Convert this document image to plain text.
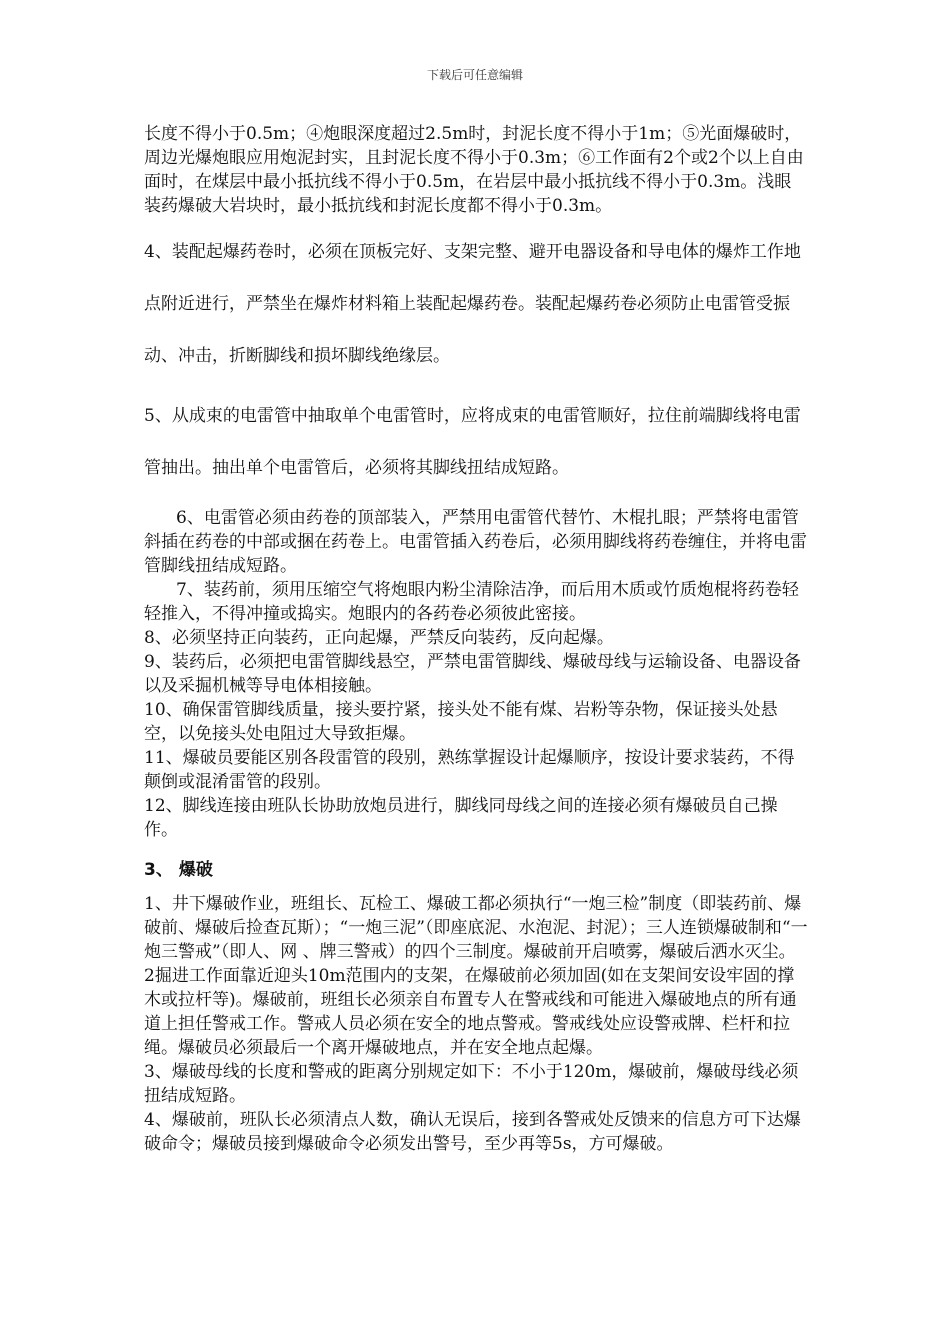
下载后可任意编辑

长度不得小于0.5m；④炮眼深度超过2.5m时，封泥长度不得小于1m；⑤光面爆破时，周边光爆炮眼应用炮泥封实，且封泥长度不得小于0.3m；⑥工作面有2个或2个以上自由面时，在煤层中最小抵抗线不得小于0.5m，在岩层中最小抵抗线不得小于0.3m。浅眼装药爆破大岩块时，最小抵抗线和封泥长度都不得小于0.3m。

4、装配起爆药卷时，必须在顶板完好、支架完整、避开电器设备和导电体的爆炸工作地点附近进行，严禁坐在爆炸材料箱上装配起爆药卷。装配起爆药卷必须防止电雷管受振动、冲击，折断脚线和损坏脚线绝缘层。

5、从成束的电雷管中抽取单个电雷管时，应将成束的电雷管顺好，拉住前端脚线将电雷管抽出。抽出单个电雷管后，必须将其脚线扭结成短路。

6、电雷管必须由药卷的顶部装入，严禁用电雷管代替竹、木棍扎眼；严禁将电雷管斜插在药卷的中部或捆在药卷上。电雷管插入药卷后，必须用脚线将药卷缠住，并将电雷管脚线扭结成短路。

7、装药前，须用压缩空气将炮眼内粉尘清除洁净，而后用木质或竹质炮棍将药卷轻轻推入，不得冲撞或捣实。炮眼内的各药卷必须彼此密接。

8、必须坚持正向装药，正向起爆，严禁反向装药，反向起爆。

9、装药后，必须把电雷管脚线悬空，严禁电雷管脚线、爆破母线与运输设备、电器设备以及采掘机械等导电体相接触。

10、确保雷管脚线质量，接头要拧紧，接头处不能有煤、岩粉等杂物，保证接头处悬空，以免接头处电阻过大导致拒爆。

11、爆破员要能区别各段雷管的段别，熟练掌握设计起爆顺序，按设计要求装药，不得颠倒或混淆雷管的段别。

12、脚线连接由班队长协助放炮员进行，脚线同母线之间的连接必须有爆破员自己操作。

3、 爆破

1、井下爆破作业，班组长、瓦检工、爆破工都必须执行“一炮三检”制度（即装药前、爆破前、爆破后捡查瓦斯）；“一炮三泥”（即座底泥、水泡泥、封泥）；三人连锁爆破制和“一炮三警戒”（即人、网 、牌三警戒）的四个三制度。爆破前开启喷雾，爆破后洒水灭尘。

2掘进工作面靠近迎头10m范围内的支架，在爆破前必须加固(如在支架间安设牢固的撑木或拉杆等)。爆破前，班组长必须亲自布置专人在警戒线和可能进入爆破地点的所有通道上担任警戒工作。警戒人员必须在安全的地点警戒。警戒线处应设警戒牌、栏杆和拉绳。爆破员必须最后一个离开爆破地点，并在安全地点起爆。

3、爆破母线的长度和警戒的距离分别规定如下：不小于120m，爆破前，爆破母线必须扭结成短路。

4、爆破前，班队长必须清点人数，确认无误后，接到各警戒处反馈来的信息方可下达爆破命令；爆破员接到爆破命令必须发出警号，至少再等5s，方可爆破。
